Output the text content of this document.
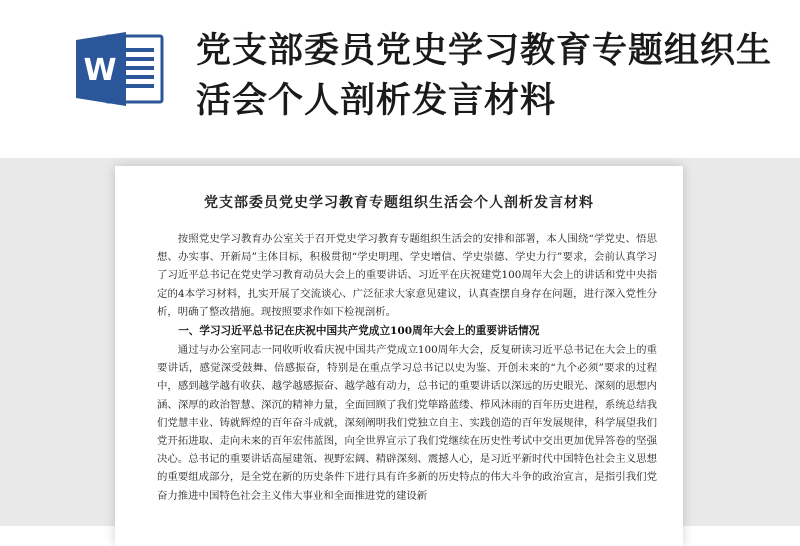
W 党支部委员党史学习教育专题组织生活会个人剖析发言材料
党支部委员党史学习教育专题组织生活会个人剖析发言材料

按照党史学习教育办公室关于召开党史学习教育专题组织生活会的安排和部署，本人围绕“学党史、悟思想、办实事、开新局”主体目标，积极贯彻“学史明理、学史增信、学史崇德、学史力行”要求，会前认真学习了习近平总书记在党史学习教育动员大会上的重要讲话、习近平在庆祝建党100周年大会上的讲话和党中央指定的4本学习材料，扎实开展了交流谈心、广泛征求大家意见建议，认真查摆自身存在问题，进行深入党性分析，明确了整改措施。现按照要求作如下检视剖析。

一、学习习近平总书记在庆祝中国共产党成立100周年大会上的重要讲话情况

通过与办公室同志一同收听收看庆祝中国共产党成立100周年大会，反复研读习近平总书记在大会上的重要讲话，感觉深受鼓舞、倍感振奋，特别是在重点学习总书记以史为鉴、开创未来的“九个必须”要求的过程中，感到越学越有收获、越学越感振奋、越学越有动力，总书记的重要讲话以深远的历史眼光、深刻的思想内涵、深厚的政治智慧、深沉的精神力量，全面回顾了我们党筚路蓝缕、栉风沐雨的百年历史进程，系统总结我们党慧丰业、铸就辉煌的百年奋斗成就，深刻阐明我们党独立自主、实践创造的百年发展规律，科学展望我们党开拓进取、走向未来的百年宏伟蓝图，向全世界宣示了我们党继续在历史性考试中交出更加优异答卷的坚强决心。总书记的重要讲话高屋建瓴、视野宏阔、精辟深刻、震撼人心，是习近平新时代中国特色社会主义思想的重要组成部分，是全党在新的历史条件下进行具有许多新的历史特点的伟大斗争的政治宣言，是指引我们党奋力推进中国特色社会主义伟大事业和全面推进党的建设新
